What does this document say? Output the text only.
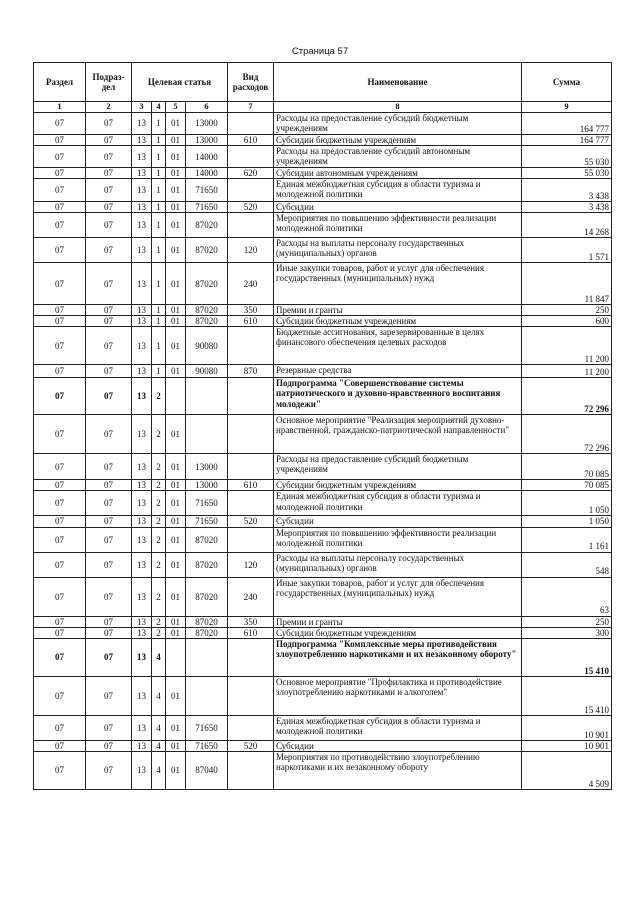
Страница 57
Раздел	Подраз-дел	Целевая статья				Вид расходов	Наименование	Сумма
1	2	3	4	5	6	7	8	9
07	07	13	1	01	13000		Расходы на предоставление субсидий бюджетным учреждениям	164 777
07	07	13	1	01	13000	610	Субсидии бюджетным учреждениям	164 777
07	07	13	1	01	14000		Расходы на предоставление субсидий автономным учреждениям	55 030
07	07	13	1	01	14000	620	Субсидии автономным учреждениям	55 030
07	07	13	1	01	71650		Единая межбюджетная субсидия в области туризма и молодежной политики	3 438
07	07	13	1	01	71650	520	Субсидии	3 438
07	07	13	1	01	87020		Мероприятия по повышению эффективности реализации молодежной политики	14 268
07	07	13	1	01	87020	120	Расходы на выплаты персоналу государственных (муниципальных) органов	1 571
07	07	13	1	01	87020	240	Иные закупки товаров, работ и услуг для обеспечения государственных (муниципальных) нужд	11 847
07	07	13	1	01	87020	350	Премии и гранты	250
07	07	13	1	01	87020	610	Субсидии бюджетным учреждениям	600
07	07	13	1	01	90080		Бюджетные ассигнования, зарезервированные в целях финансового обеспечения целевых расходов	11 200
07	07	13	1	01	90080	870	Резервные средства	11 200
07	07	13	2				Подпрограмма "Совершенствование системы патриотического и духовно-нравственного воспитания молодежи"	72 296
07	07	13	2	01			Основное мероприятие "Реализация мероприятий духовно-нравственной, гражданско-патриотической направленности"	72 296
07	07	13	2	01	13000		Расходы на предоставление субсидий бюджетным учреждениям	70 085
07	07	13	2	01	13000	610	Субсидии бюджетным учреждениям	70 085
07	07	13	2	01	71650		Единая межбюджетная субсидия в области туризма и молодежной политики	1 050
07	07	13	2	01	71650	520	Субсидии	1 050
07	07	13	2	01	87020		Мероприятия по повышению эффективности реализации молодежной политики	1 161
07	07	13	2	01	87020	120	Расходы на выплаты персоналу государственных (муниципальных) органов	548
07	07	13	2	01	87020	240	Иные закупки товаров, работ и услуг для обеспечения государственных (муниципальных) нужд	63
07	07	13	2	01	87020	350	Премии и гранты	250
07	07	13	2	01	87020	610	Субсидии бюджетным учреждениям	300
07	07	13	4				Подпрограмма "Комплексные меры противодействия злоупотреблению наркотиками и их незаконному обороту"	15 410
07	07	13	4	01			Основное мероприятие "Профилактика и противодействие злоупотреблению наркотиками и алкоголем"	15 410
07	07	13	4	01	71650		Единая межбюджетная субсидия в области туризма и молодежной политики	10 901
07	07	13	4	01	71650	520	Субсидии	10 901
07	07	13	4	01	87040		Мероприятия по противодействию злоупотреблению наркотиками и их незаконному обороту	4 509
